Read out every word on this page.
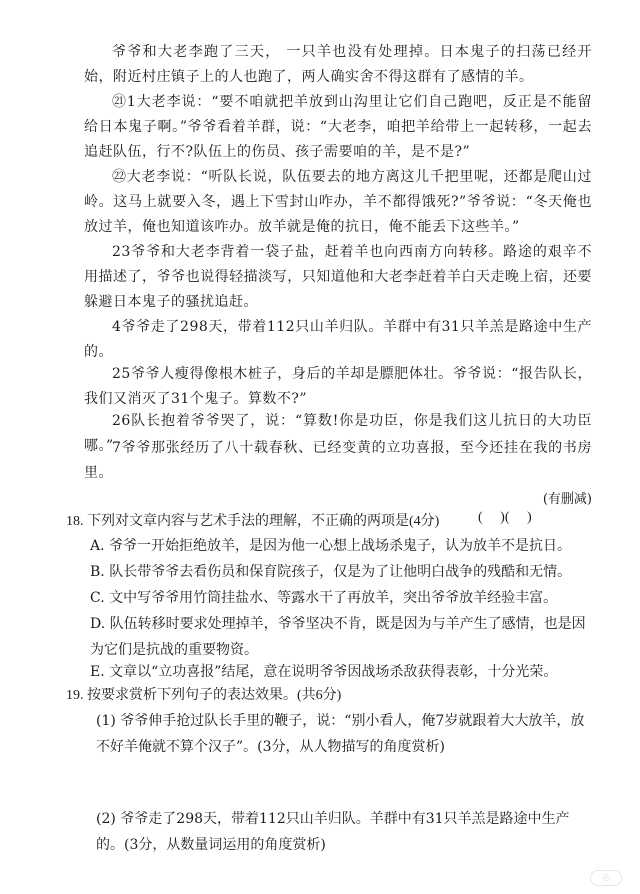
爷爷和大老李跑了三天， 一只羊也没有处理掉。日本鬼子的扫荡已经开始，附近村庄镇子上的人也跑了，两人确实舍不得这群有了感情的羊。

㉑1大老李说：“要不咱就把羊放到山沟里让它们自己跑吧，反正是不能留给日本鬼子啊。”爷爷看着羊群，说：“大老李，咱把羊给带上一起转移，一起去追赶队伍，行不?队伍上的伤员、孩子需要咱的羊，是不是?”

㉒大老李说：“听队长说，队伍要去的地方离这儿千把里呢，还都是爬山过岭。这马上就要入冬，遇上下雪封山咋办，羊不都得饿死?”爷爷说：“冬天俺也放过羊，俺也知道该咋办。放羊就是俺的抗日，俺不能丢下这些羊。”

23爷爷和大老李背着一袋子盐，赶着羊也向西南方向转移。路途的艰辛不用描述了，爷爷也说得轻描淡写，只知道他和大老李赶着羊白天走晚上宿，还要躲避日本鬼子的骚扰追赶。

4爷爷走了298天，带着112只山羊归队。羊群中有31只羊羔是路途中生产的。

25爷爷人瘦得像根木桩子，身后的羊却是膘肥体壮。爷爷说：“报告队长，我们又消灭了31个鬼子。算数不?”

26队长抱着爷爷哭了，说：“算数!你是功臣，你是我们这儿抗日的大功臣哪。”

7爷爷那张经历了八十载春秋、已经变黄的立功喜报，至今还挂在我的书房里。

(有删减)
18. 下列对文章内容与艺术手法的理解，不正确的两项是(4分)	(     )(     )

A. 爷爷一开始拒绝放羊，是因为他一心想上战场杀鬼子，认为放羊不是抗日。

B. 队长带爷爷去看伤员和保育院孩子，仅是为了让他明白战争的残酷和无情。

C. 文中写爷爷用竹筒挂盐水、等露水干了再放羊，突出爷爷放羊经验丰富。

D. 队伍转移时要求处理掉羊，爷爷坚决不肯，既是因为与羊产生了感情，也是因为它们是抗战的重要物资。

E. 文章以“立功喜报”结尾，意在说明爷爷因战场杀敌获得表彰，十分光荣。

19. 按要求赏析下列句子的表达效果。(共6分)

(1) 爷爷伸手抢过队长手里的鞭子，说：“别小看人，俺7岁就跟着大大放羊，放不好羊俺就不算个汉子”。(3分，从人物描写的角度赏析)

(2) 爷爷走了298天，带着112只山羊归队。羊群中有31只羊羔是路途中生产的。(3分，从数量词运用的角度赏析)

◎
